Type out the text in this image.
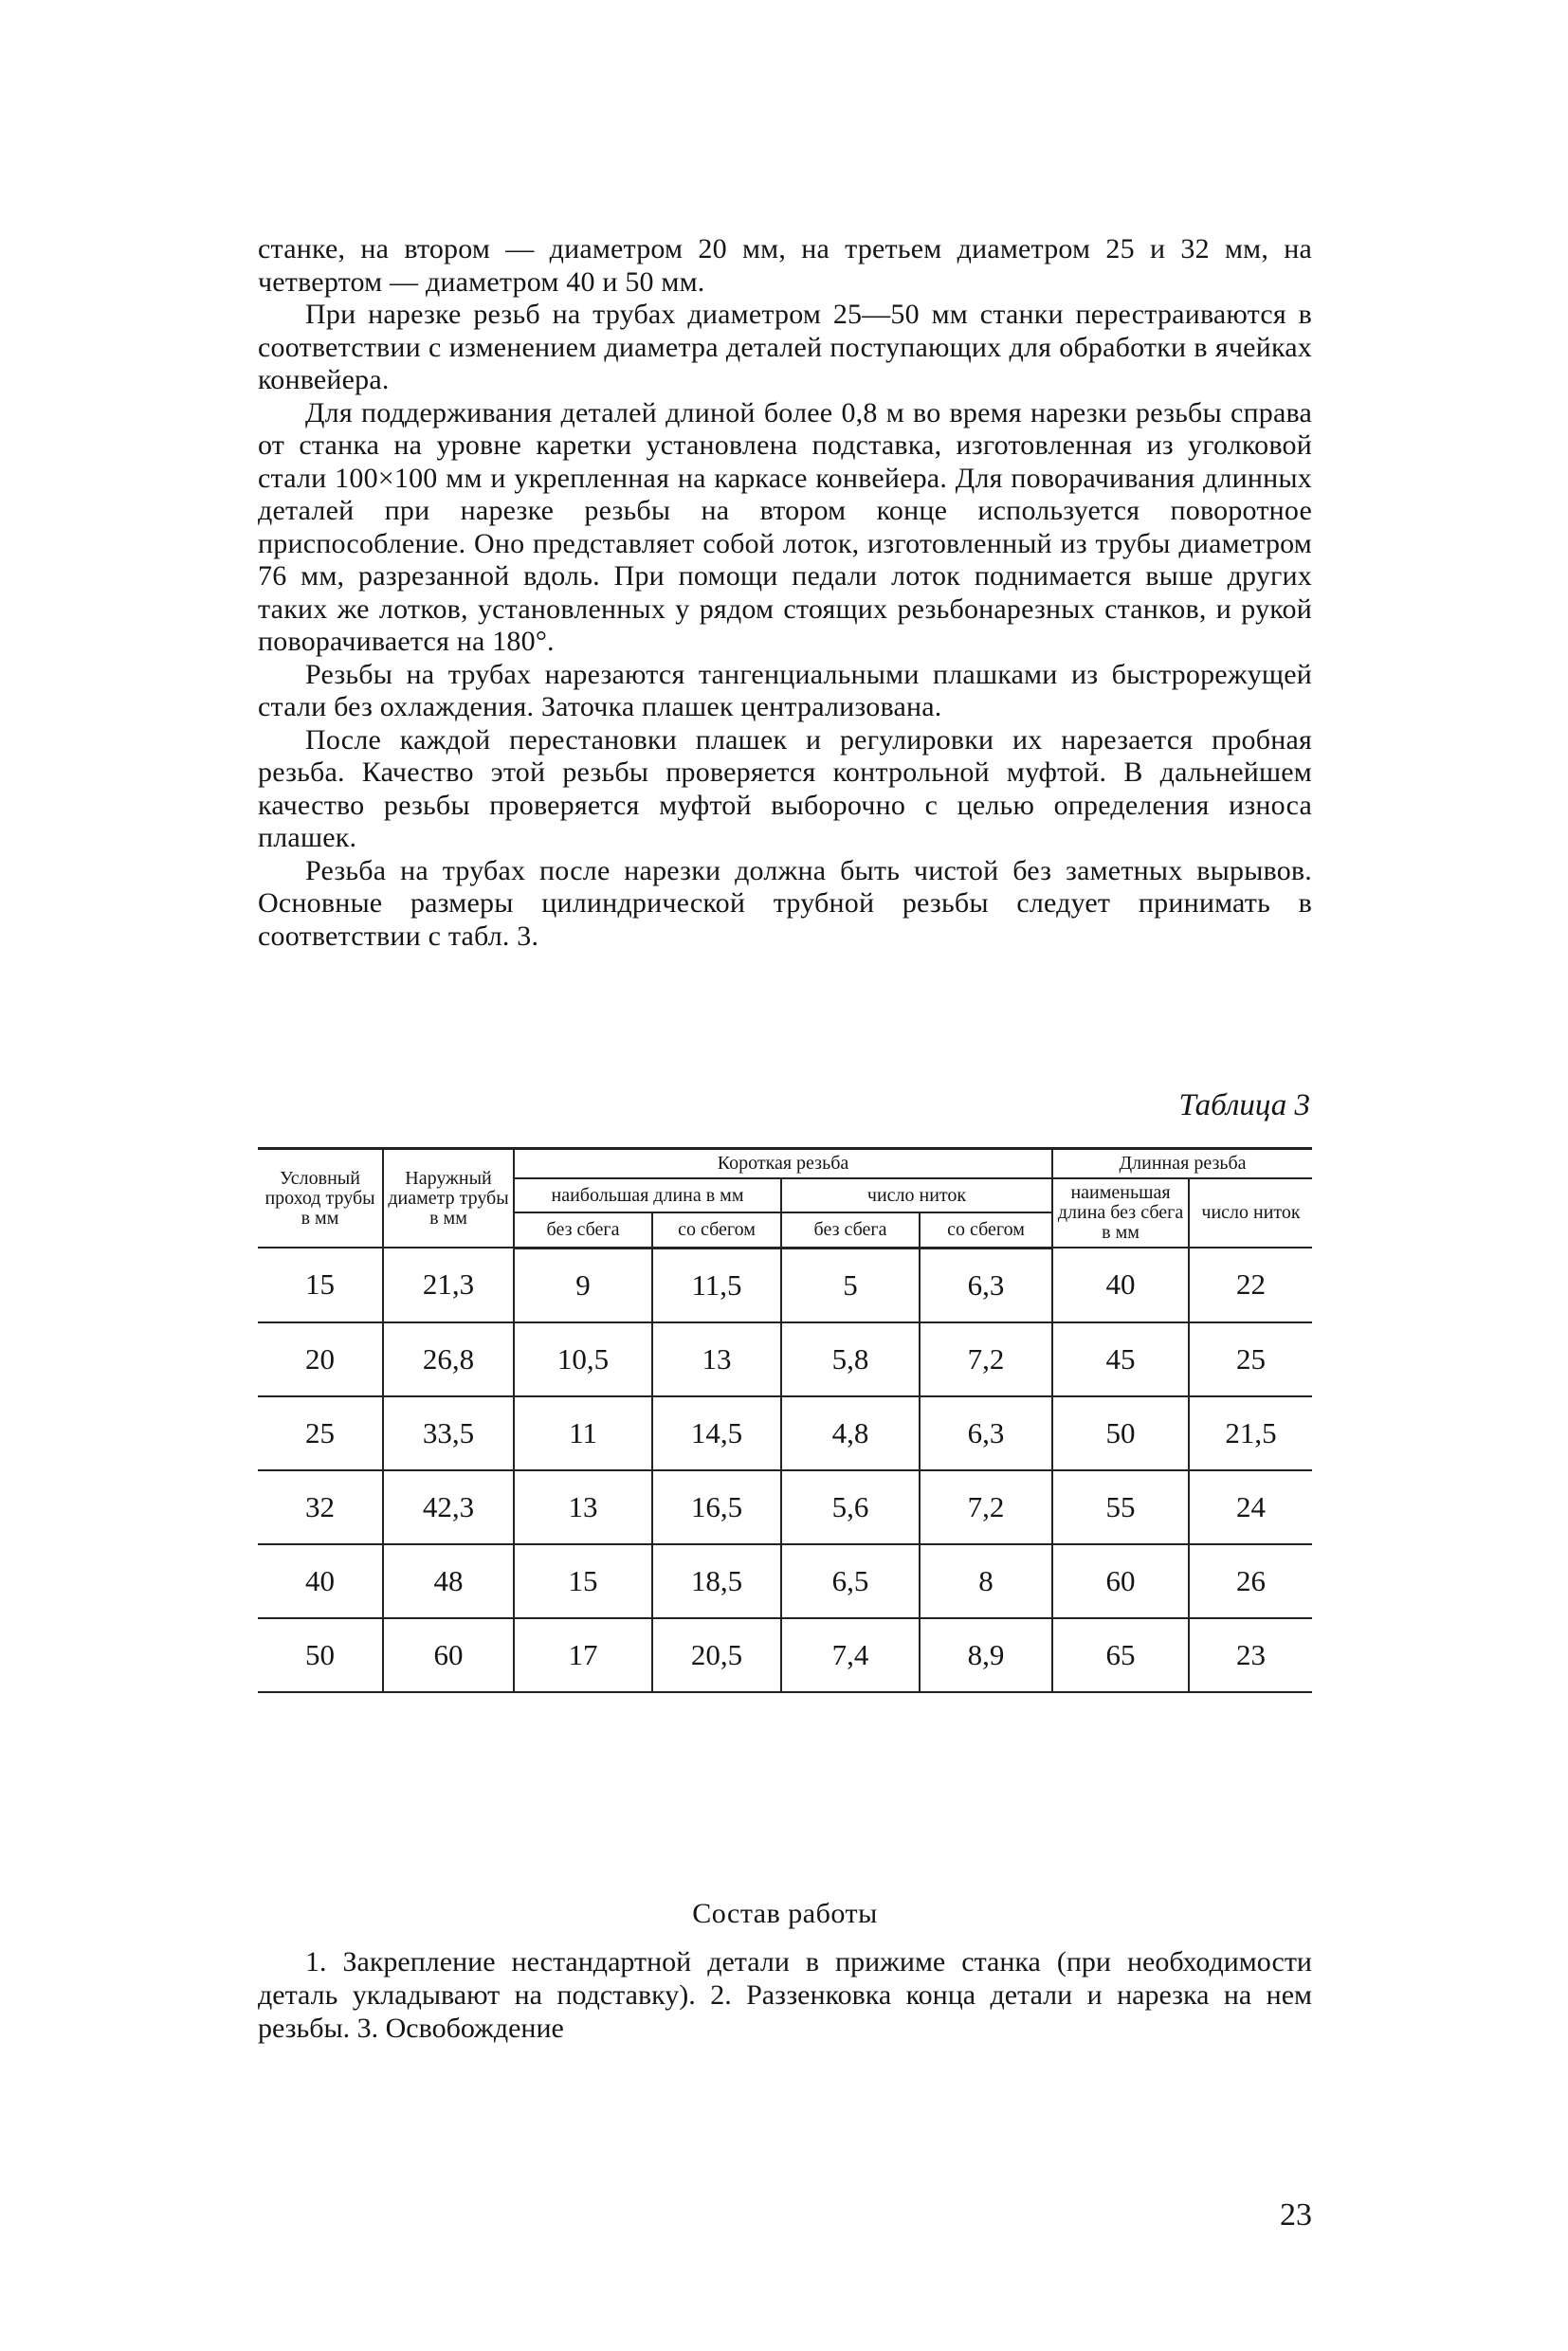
станке, на втором — диаметром 20 мм, на третьем диаметром 25 и 32 мм, на четвертом — диаметром 40 и 50 мм.

При нарезке резьб на трубах диаметром 25—50 мм станки перестраиваются в соответствии с изменением диаметра деталей поступающих для обработки в ячейках конвейера.

Для поддерживания деталей длиной более 0,8 м во время нарезки резьбы справа от станка на уровне каретки установлена подставка, изготовленная из уголковой стали 100×100 мм и укрепленная на каркасе конвейера. Для поворачивания длинных деталей при нарезке резьбы на втором конце используется поворотное приспособление. Оно представляет собой лоток, изготовленный из трубы диаметром 76 мм, разрезанной вдоль. При помощи педали лоток поднимается выше других таких же лотков, установленных у рядом стоящих резьбонарезных станков, и рукой поворачивается на 180°.

Резьбы на трубах нарезаются тангенциальными плашками из быстрорежущей стали без охлаждения. Заточка плашек централизована.

После каждой перестановки плашек и регулировки их нарезается пробная резьба. Качество этой резьбы проверяется контрольной муфтой. В дальнейшем качество резьбы проверяется муфтой выборочно с целью определения износа плашек.

Резьба на трубах после нарезки должна быть чистой без заметных вырывов. Основные размеры цилиндрической трубной резьбы следует принимать в соответствии с табл. 3.

Таблица 3
Условный проход трубы в мм	Наружный диаметр трубы в мм	Короткая резьба				Длинная резьба	
		наибольшая длина в мм		число ниток		наименьшая длина без сбега в мм	число ниток
		без сбега	со сбегом	без сбега	со сбегом		
15	21,3	9	11,5	5	6,3	40	22
20	26,8	10,5	13	5,8	7,2	45	25
25	33,5	11	14,5	4,8	6,3	50	21,5
32	42,3	13	16,5	5,6	7,2	55	24
40	48	15	18,5	6,5	8	60	26
50	60	17	20,5	7,4	8,9	65	23
Состав работы
1. Закрепление нестандартной детали в прижиме станка (при необходимости деталь укладывают на подставку). 2. Раззенковка конца детали и нарезка на нем резьбы. 3. Освобождение
23
